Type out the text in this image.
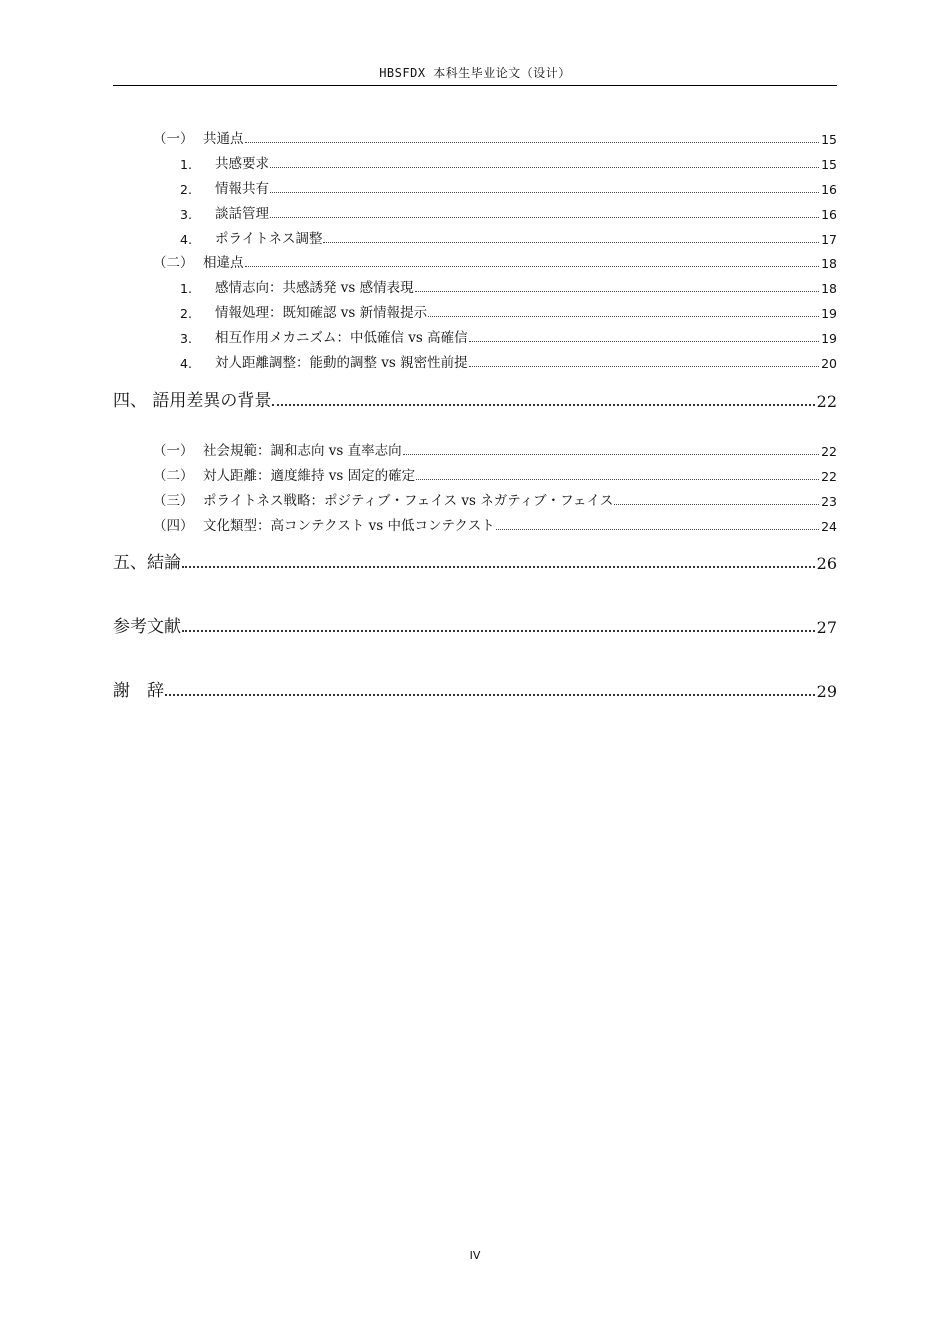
HBSFDX 本科生毕业论文（设计）
（一） 共通点	15
1.	共感要求	15
2.	情報共有	16
3.	談話管理	16
4.	ポライトネス調整	17
（二） 相違点	18
1.	感情志向：共感誘発 vs 感情表現	18
2.	情報処理：既知確認 vs 新情報提示	19
3.	相互作用メカニズム：中低確信 vs 高確信	19
4.	対人距離調整：能動的調整 vs 親密性前提	20
四、 語用差異の背景	22
（一） 社会規範：調和志向 vs 直率志向	22
（二） 対人距離：適度維持 vs 固定的確定	22
（三） ポライトネス戦略：ポジティブ・フェイス vs ネガティブ・フェイス	23
（四） 文化類型：高コンテクスト vs 中低コンテクスト	24
五、結論	26
参考文献	27
謝　辞	29
IV
